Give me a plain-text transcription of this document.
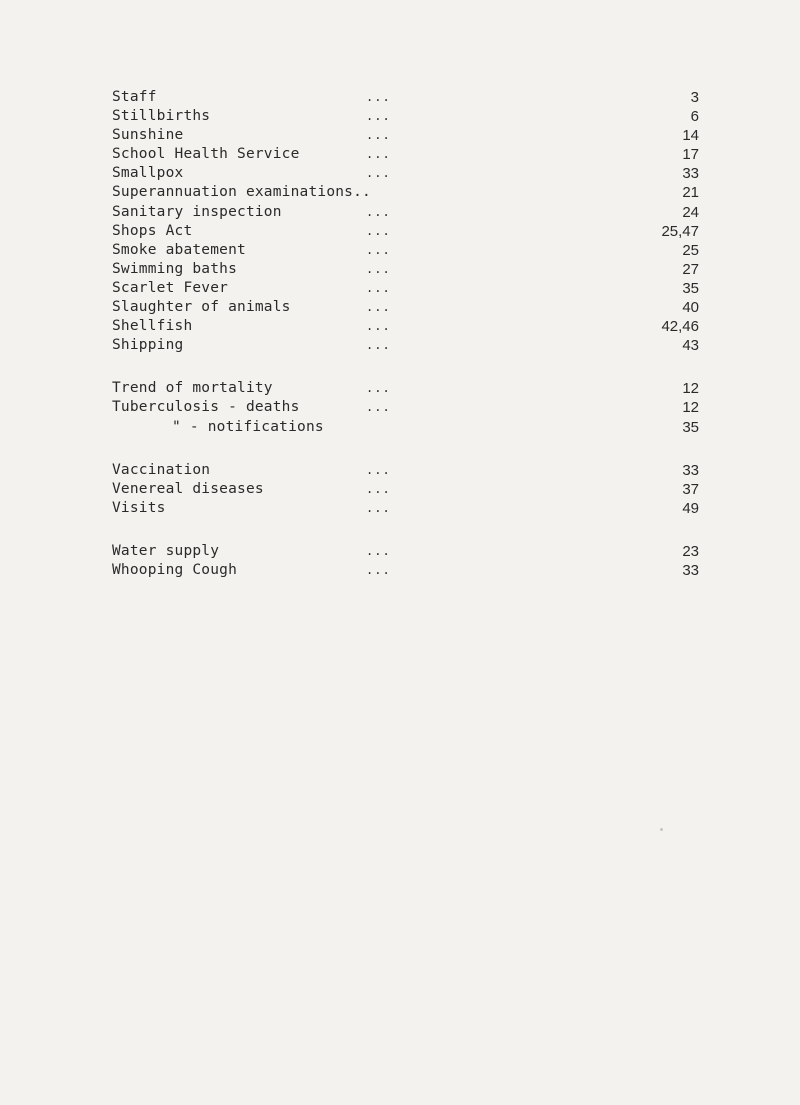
Staff	...	3
Stillbirths	...	6
Sunshine	...	14
School Health Service	...	17
Smallpox	...	33
Superannuation examinations..	21
Sanitary inspection	...	24
Shops Act	...	25,47
Smoke abatement	...	25
Swimming baths	...	27
Scarlet Fever	...	35
Slaughter of animals	...	40
Shellfish	...	42,46
Shipping	...	43
Trend of mortality	...	12
Tuberculosis - deaths	...	12
" - notifications	35
Vaccination	...	33
Venereal diseases	...	37
Visits	...	49
Water supply	...	23
Whooping Cough	...	33
